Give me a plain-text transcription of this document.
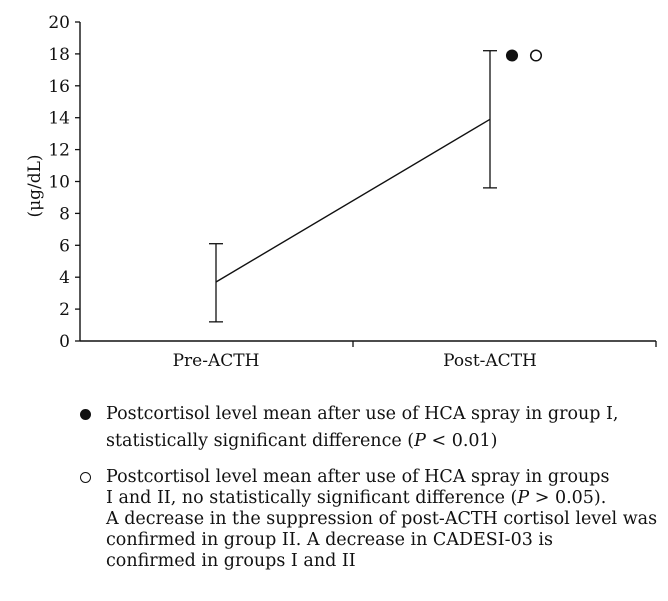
(μg/dL)
0
2
4
6
8
10
12
14
16
18
20
Pre-ACTH	Post-ACTH
Postcortisol level mean after use of HCA spray in group I,
statistically significant difference (P < 0.01)
Postcortisol level mean after use of HCA spray in groups
I and II, no statistically significant difference (P > 0.05).
A decrease in the suppression of post-ACTH cortisol level was
confirmed in group II. A decrease in CADESI-03 is
confirmed in groups I and II
